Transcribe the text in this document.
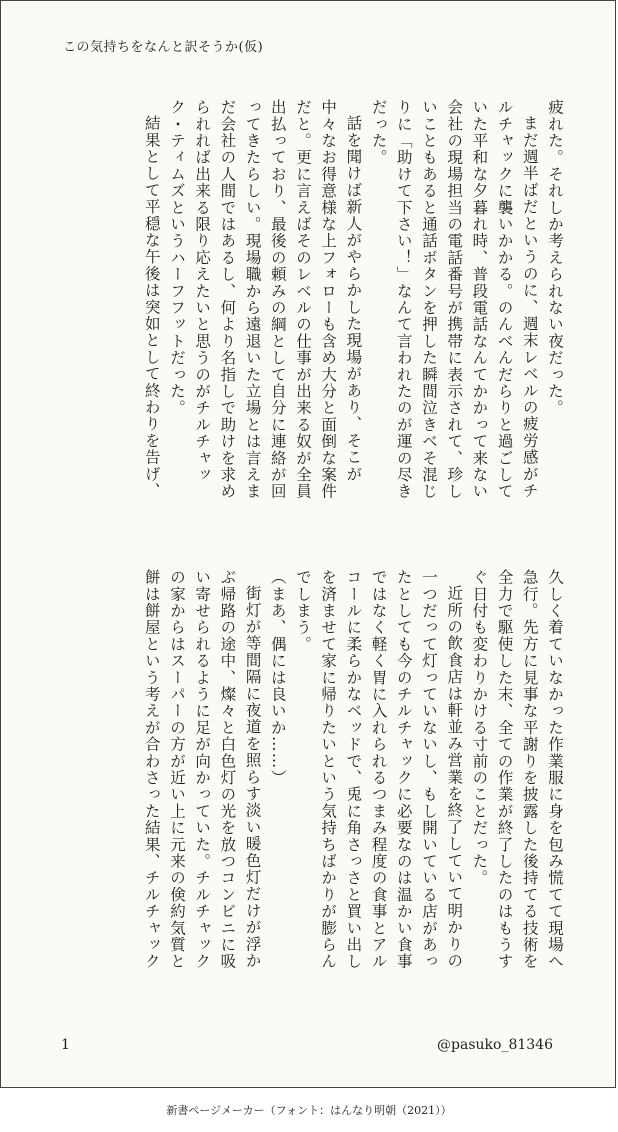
この気持ちをなんと訳そうか(仮)

疲れた。それしか考えられない夜だった。

まだ週半ばだというのに、週末レベルの疲労感がチルチャックに襲いかかる。のんべんだらりと過ごしていた平和な夕暮れ時、普段電話なんてかかって来ない会社の現場担当の電話番号が携帯に表示されて、珍しいこともあると通話ボタンを押した瞬間泣きべそ混じりに「助けて下さい！」なんて言われたのが運の尽きだった。

話を聞けば新人がやらかした現場があり、そこが中々なお得意様な上フォローも含め大分と面倒な案件だと。更に言えばそのレベルの仕事が出来る奴が全員出払っており、最後の頼みの綱として自分に連絡が回ってきたらしい。現場職から遠退いた立場とは言えまだ会社の人間ではあるし、何より名指しで助けを求められれば出来る限り応えたいと思うのがチルチャック・ティムズというハーフフットだった。

結果として平穏な午後は突如として終わりを告げ、

久しく着ていなかった作業服に身を包み慌てて現場へ急行。先方に見事な平謝りを披露した後持てる技術を全力で駆使した末、全ての作業が終了したのはもうすぐ日付も変わりかける寸前のことだった。

近所の飲食店は軒並み営業を終了していて明かりの一つだって灯っていないし、もし開いている店があったとしても今のチルチャックに必要なのは温かい食事ではなく軽く胃に入れられるつまみ程度の食事とアルコールに柔らかなベッドで、兎に角さっさと買い出しを済ませて家に帰りたいという気持ちばかりが膨らんでしまう。

（まあ、偶には良いか……）

街灯が等間隔に夜道を照らす淡い暖色灯だけが浮かぶ帰路の途中、燦々と白色灯の光を放つコンビニに吸い寄せられるように足が向かっていた。チルチャックの家からはスーパーの方が近い上に元来の倹約気質と餅は餅屋という考えが合わさった結果、チルチャック

1	@pasuko_81346
新書ページメーカー（フォント：はんなり明朝（2021））
